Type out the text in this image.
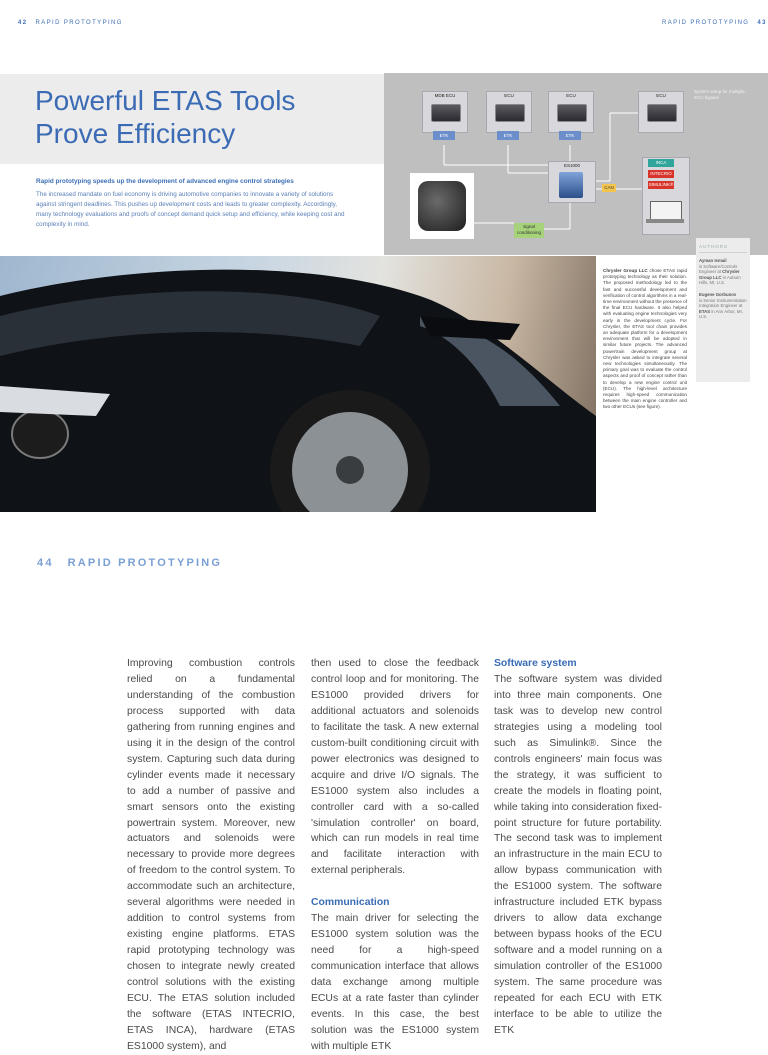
42 RAPID PROTOTYPING	RAPID PROTOTYPING 43
Powerful ETAS Tools
Prove Efficiency
Rapid prototyping speeds up the development of advanced engine control strategies
The increased mandate on fuel economy is driving automotive companies to innovate a variety of solutions against stringent deadlines. This pushes up development costs and leads to greater complexity. Accordingly, many technology evaluations and proofs of concept demand quick setup and efficiency, while keeping cost and complexity in mind.
MDB ECU	ECU	ECU	ECU
ETK	ETK	ETK
ES1000
CAN
INCA
INTECRIO
SIMULINK®
signal conditioning
System setup for multiple-ECU bypass
Chrysler Group LLC chose ETAS rapid prototyping technology as their solution. The proposed methodology led to the fast and successful development and verification of control algorithms in a real-time environment without the presence of the final ECU hardware. It also helped with evaluating engine technologies very early in the development cycle. For Chrysler, the ETAS tool chain provides an adequate platform for a development environment that will be adopted in similar future projects. The advanced powertrain development group at Chrysler was asked to integrate several new technologies simultaneously. The primary goal was to evaluate the control aspects and proof of concept rather than to develop a new engine control unit (ECU). The high-level architecture requires high-speed communication between the main engine controller and two other ECUs (see figure).
AUTHORS

Ayman Ismail

is Software/Controls Engineer at Chrysler Group LLC in Auburn Hills, MI, U.S.

Eugene Gorbunov

is Senior Instrumentation Integration Engineer at ETAS in Ann Arbor, MI, U.S.

44 RAPID PROTOTYPING

Improving combustion controls relied on a fundamental understanding of the combustion process supported with data gathering from running engines and using it in the design of the control system. Capturing such data during cylinder events made it necessary to add a number of passive and smart sensors onto the existing powertrain system. Moreover, new actuators and solenoids were necessary to provide more degrees of freedom to the control system. To accommodate such an architecture, several algorithms were needed in addition to control systems from existing engine platforms. ETAS rapid prototyping technology was chosen to integrate newly created control solutions with the existing ECU. The ETAS solution included the software (ETAS INTECRIO, ETAS INCA), hardware (ETAS ES1000 system), and

then used to close the feedback control loop and for monitoring. The ES1000 provided drivers for additional actuators and solenoids to facilitate the task. A new external custom-built conditioning circuit with power electronics was designed to acquire and drive I/O signals. The ES1000 system also includes a controller card with a so-called 'simulation controller' on board, which can run models in real time and facilitate interaction with external peripherals.

Communication

The main driver for selecting the ES1000 system solution was the need for a high-speed communication interface that allows data exchange among multiple ECUs at a rate faster than cylinder events. In this case, the best solution was the ES1000 system with multiple ETK

Software system

The software system was divided into three main components. One task was to develop new control strategies using a modeling tool such as Simulink®. Since the controls engineers' main focus was the strategy, it was sufficient to create the models in floating point, while taking into consideration fixed-point structure for future portability. The second task was to implement an infrastructure in the main ECU to allow bypass communication with the ES1000 system. The software infrastructure included ETK bypass drivers to allow data exchange between bypass hooks of the ECU software and a model running on a simulation controller of the ES1000 system. The same procedure was repeated for each ECU with ETK interface to be able to utilize the ETK
